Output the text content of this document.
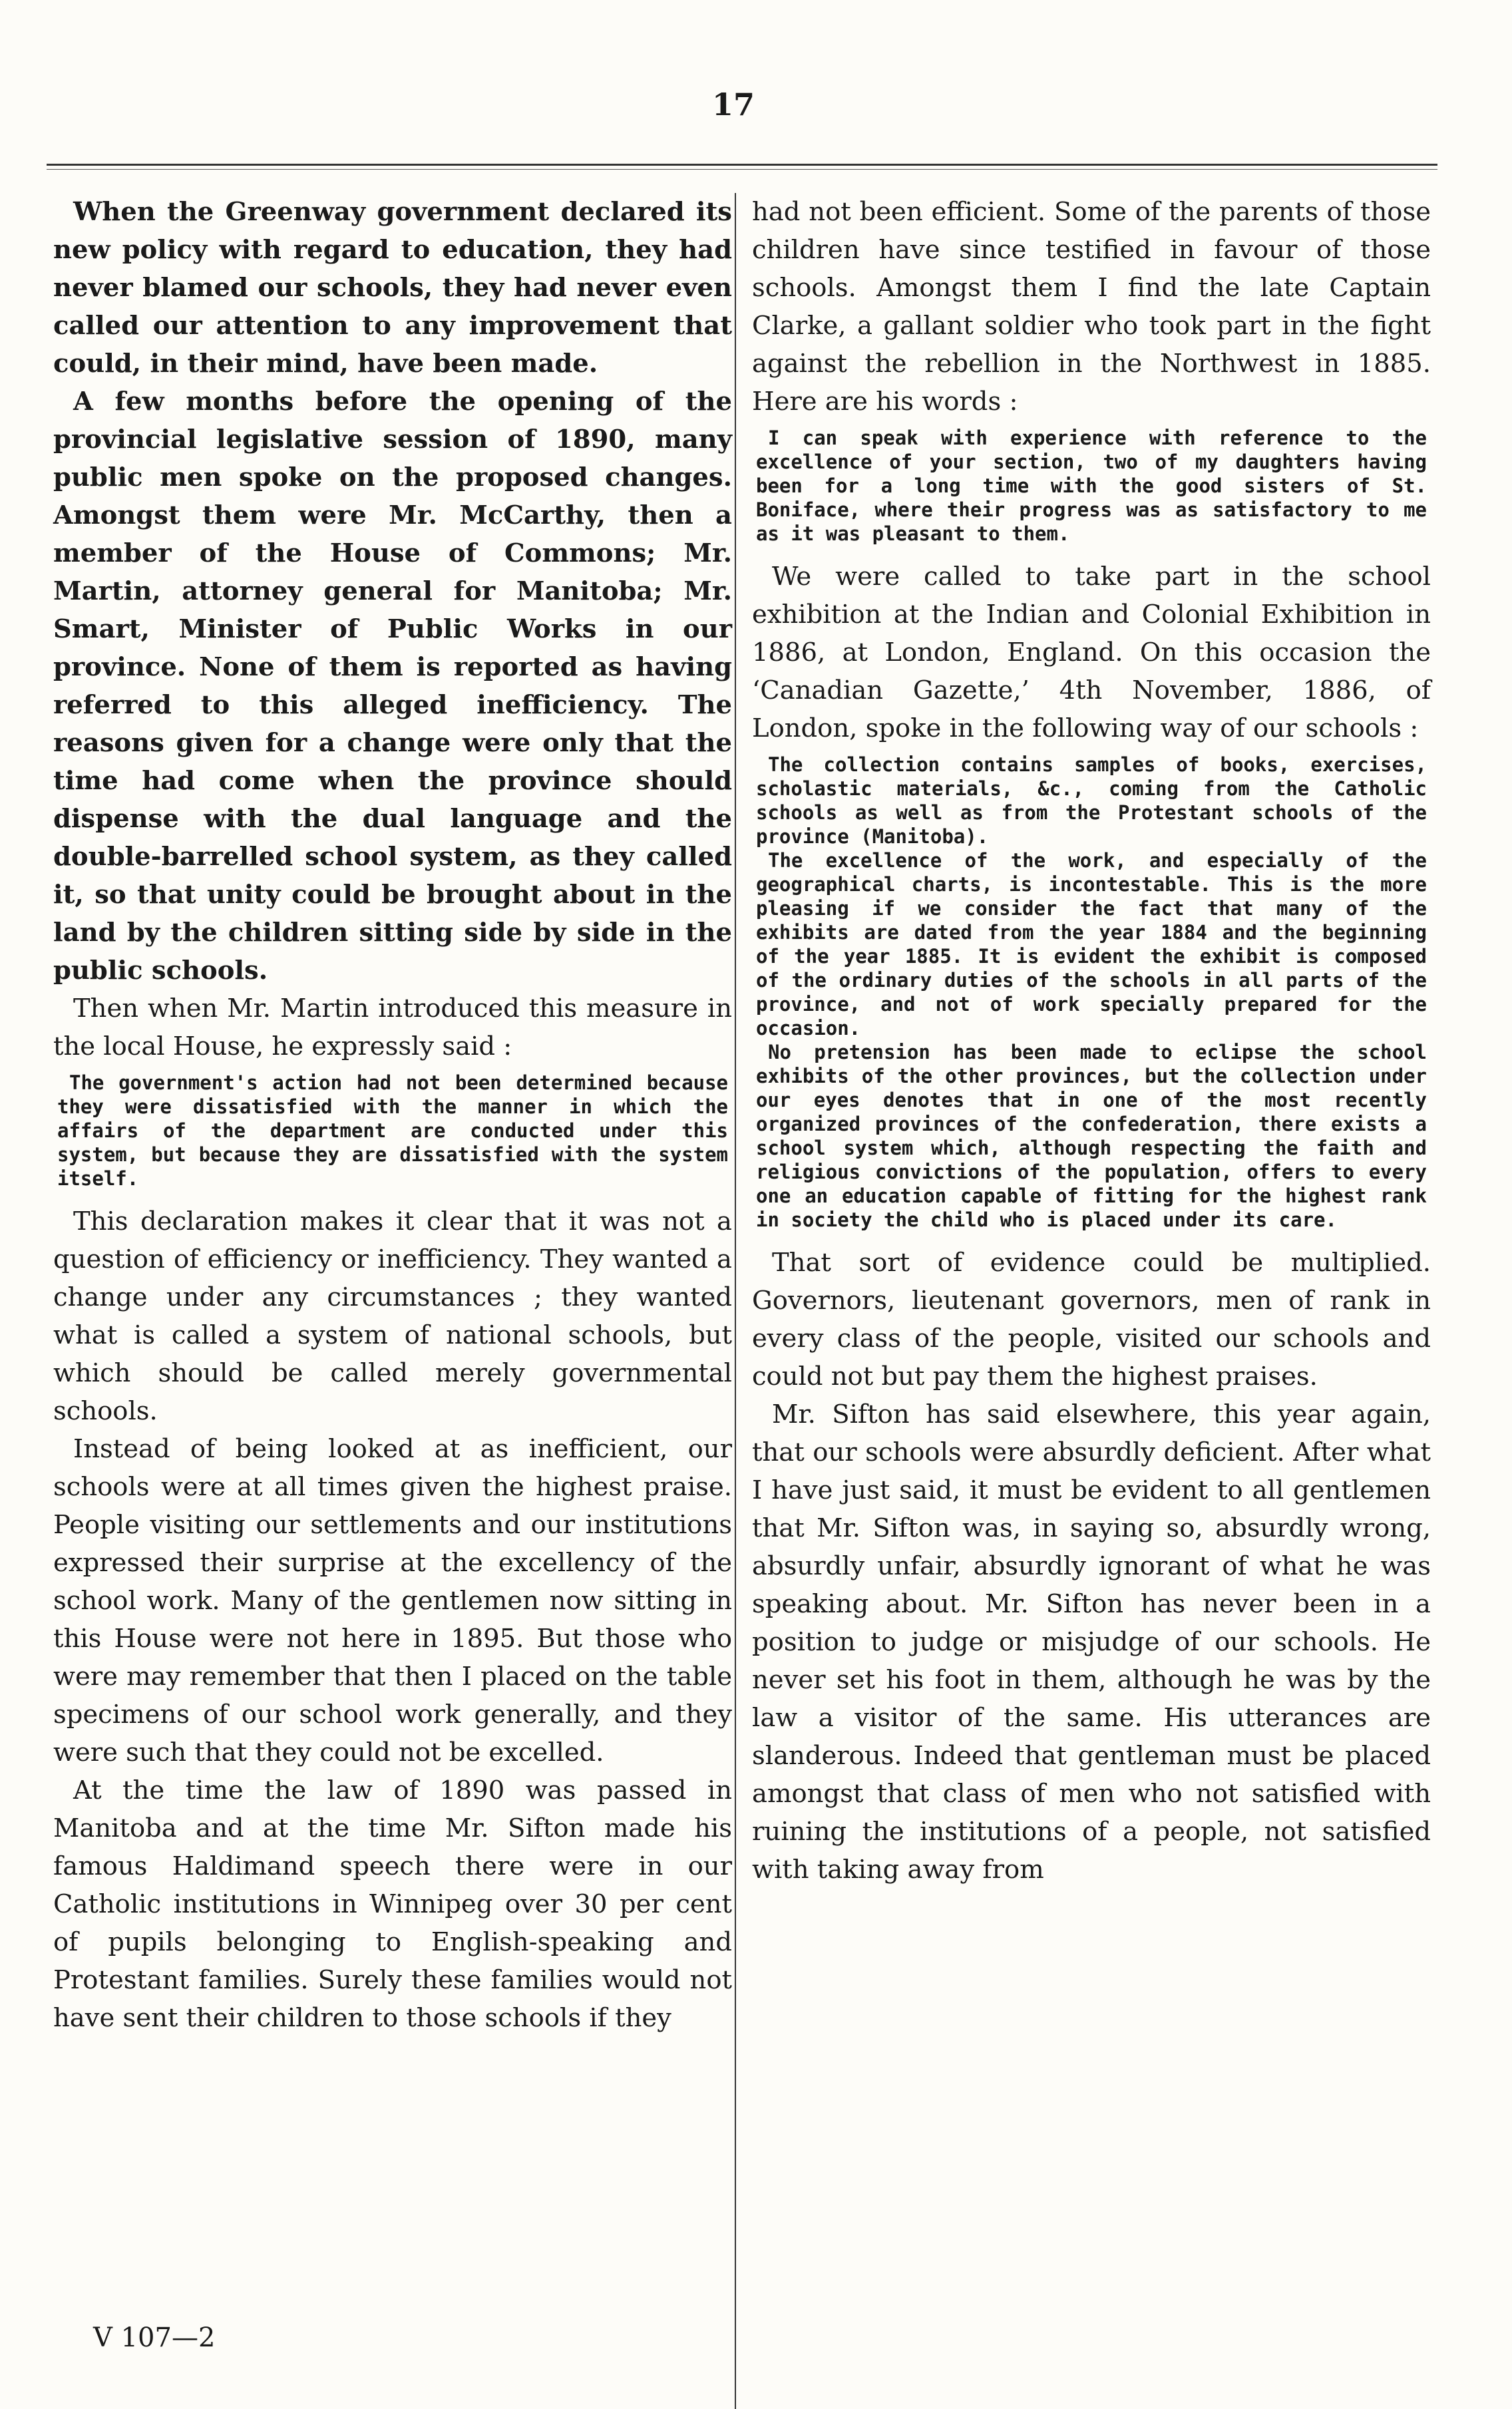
17

When the Greenway government declared its new policy with regard to education, they had never blamed our schools, they had never even called our attention to any improvement that could, in their mind, have been made.

A few months before the opening of the provincial legislative session of 1890, many public men spoke on the proposed changes. Amongst them were Mr. McCarthy, then a member of the House of Commons; Mr. Martin, attorney general for Manitoba; Mr. Smart, Minister of Public Works in our province. None of them is reported as having referred to this alleged inefficiency. The reasons given for a change were only that the time had come when the province should dispense with the dual language and the double-barrelled school system, as they called it, so that unity could be brought about in the land by the children sitting side by side in the public schools.

Then when Mr. Martin introduced this measure in the local House, he expressly said :

The government's action had not been determined because they were dissatisfied with the manner in which the affairs of the department are conducted under this system, but because they are dissatisfied with the system itself.

This declaration makes it clear that it was not a question of efficiency or inefficiency. They wanted a change under any circumstances ; they wanted what is called a system of national schools, but which should be called merely governmental schools.

Instead of being looked at as inefficient, our schools were at all times given the highest praise. People visiting our settlements and our institutions expressed their surprise at the excellency of the school work. Many of the gentlemen now sitting in this House were not here in 1895. But those who were may remember that then I placed on the table specimens of our school work generally, and they were such that they could not be excelled.

At the time the law of 1890 was passed in Manitoba and at the time Mr. Sifton made his famous Haldimand speech there were in our Catholic institutions in Winnipeg over 30 per cent of pupils belonging to English-speaking and Protestant families. Surely these families would not have sent their children to those schools if they

had not been efficient. Some of the parents of those children have since testified in favour of those schools. Amongst them I find the late Captain Clarke, a gallant soldier who took part in the fight against the rebellion in the Northwest in 1885. Here are his words :

I can speak with experience with reference to the excellence of your section, two of my daughters having been for a long time with the good sisters of St. Boniface, where their progress was as satisfactory to me as it was pleasant to them.

We were called to take part in the school exhibition at the Indian and Colonial Exhibition in 1886, at London, England. On this occasion the ‘Canadian Gazette,’ 4th November, 1886, of London, spoke in the following way of our schools :

The collection contains samples of books, exercises, scholastic materials, &c., coming from the Catholic schools as well as from the Protestant schools of the province (Manitoba).

The excellence of the work, and especially of the geographical charts, is incontestable. This is the more pleasing if we consider the fact that many of the exhibits are dated from the year 1884 and the beginning of the year 1885. It is evident the exhibit is composed of the ordinary duties of the schools in all parts of the province, and not of work specially prepared for the occasion.

No pretension has been made to eclipse the school exhibits of the other provinces, but the collection under our eyes denotes that in one of the most recently organized provinces of the confederation, there exists a school system which, although respecting the faith and religious convictions of the population, offers to every one an education capable of fitting for the highest rank in society the child who is placed under its care.

That sort of evidence could be multiplied. Governors, lieutenant governors, men of rank in every class of the people, visited our schools and could not but pay them the highest praises.

Mr. Sifton has said elsewhere, this year again, that our schools were absurdly deficient. After what I have just said, it must be evident to all gentlemen that Mr. Sifton was, in saying so, absurdly wrong, absurdly unfair, absurdly ignorant of what he was speaking about. Mr. Sifton has never been in a position to judge or misjudge of our schools. He never set his foot in them, although he was by the law a visitor of the same. His utterances are slanderous. Indeed that gentleman must be placed amongst that class of men who not satisfied with ruining the institutions of a people, not satisfied with taking away from

V 107—2
